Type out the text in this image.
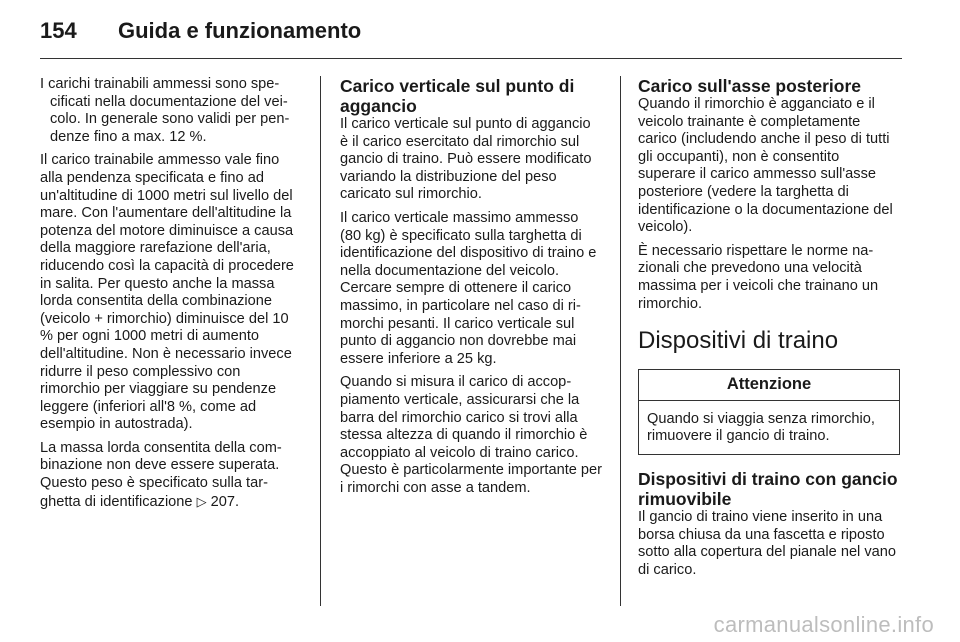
154	Guida e funzionamento

I carichi trainabili ammessi sono specificati nella documentazione del veicolo. In generale sono validi per pendenze fino a max. 12 %.

Il carico trainabile ammesso vale fino alla pendenza specificata e fino ad un'altitudine di 1000 metri sul livello del mare. Con l'aumentare dell'altitudine la potenza del motore diminuisce a causa della maggiore rarefazione dell'aria, riducendo così la capacità di procedere in salita. Per questo anche la massa lorda consentita della combinazione (veicolo + rimorchio) diminuisce del 10 % per ogni 1000 metri di aumento dell'altitudine. Non è necessario invece ridurre il peso complessivo con rimorchio per viaggiare su pendenze leggere (inferiori all'8 %, come ad esempio in autostrada).

La massa lorda consentita della combinazione non deve essere superata. Questo peso è specificato sulla targhetta di identificazione ▷ 207.

Carico verticale sul punto di aggancio

Il carico verticale sul punto di aggancio è il carico esercitato dal rimorchio sul gancio di traino. Può essere modificato variando la distribuzione del peso caricato sul rimorchio.

Il carico verticale massimo ammesso (80 kg) è specificato sulla targhetta di identificazione del dispositivo di traino e nella documentazione del veicolo. Cercare sempre di ottenere il carico massimo, in particolare nel caso di rimorchi pesanti. Il carico verticale sul punto di aggancio non dovrebbe mai essere inferiore a 25 kg.

Quando si misura il carico di accoppiamento verticale, assicurarsi che la barra del rimorchio carico si trovi alla stessa altezza di quando il rimorchio è accoppiato al veicolo di traino carico. Questo è particolarmente importante per i rimorchi con asse a tandem.

Carico sull'asse posteriore

Quando il rimorchio è agganciato e il veicolo trainante è completamente carico (includendo anche il peso di tutti gli occupanti), non è consentito superare il carico ammesso sull'asse posteriore (vedere la targhetta di identificazione o la documentazione del veicolo).

È necessario rispettare le norme nazionali che prevedono una velocità massima per i veicoli che trainano un rimorchio.

Dispositivi di traino
Attenzione
Quando si viaggia senza rimorchio, rimuovere il gancio di traino.
Dispositivi di traino con gancio rimuovibile

Il gancio di traino viene inserito in una borsa chiusa da una fascetta e riposto sotto alla copertura del pianale nel vano di carico.

carmanualsonline.info
